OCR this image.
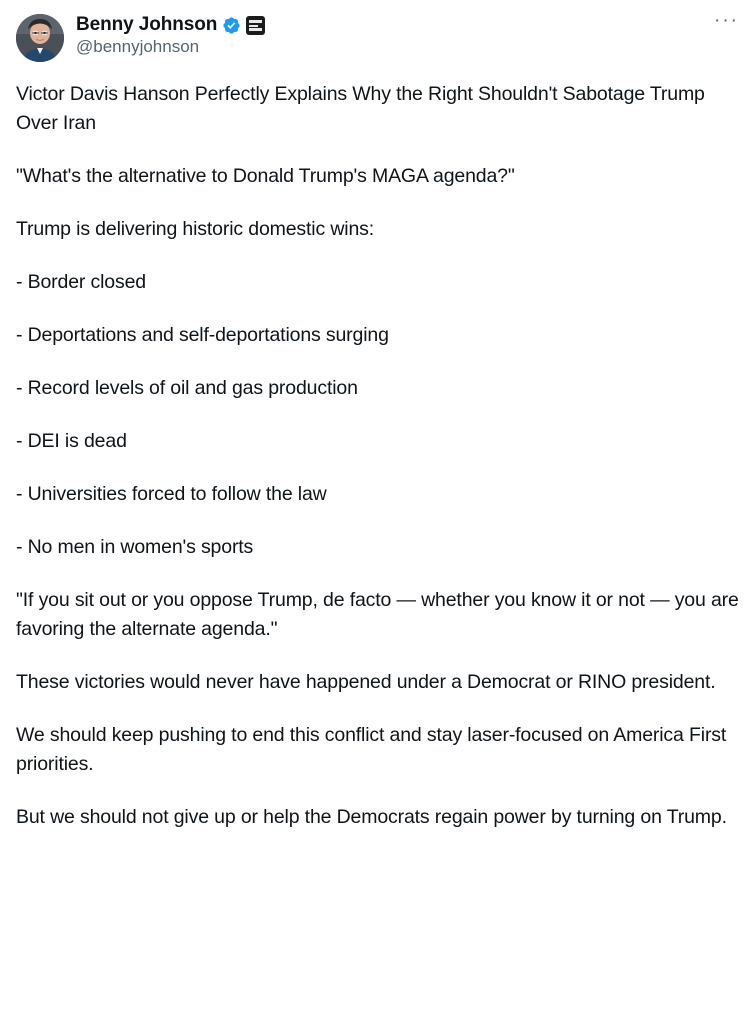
Benny Johnson
@bennyjohnson
···

Victor Davis Hanson Perfectly Explains Why the Right Shouldn't Sabotage Trump Over Iran

"What's the alternative to Donald Trump's MAGA agenda?"

Trump is delivering historic domestic wins:

- Border closed

- Deportations and self-deportations surging

- Record levels of oil and gas production

- DEI is dead

- Universities forced to follow the law

- No men in women's sports

"If you sit out or you oppose Trump, de facto — whether you know it or not — you are favoring the alternate agenda."

These victories would never have happened under a Democrat or RINO president.

We should keep pushing to end this conflict and stay laser-focused on America First priorities.

But we should not give up or help the Democrats regain power by turning on Trump.
